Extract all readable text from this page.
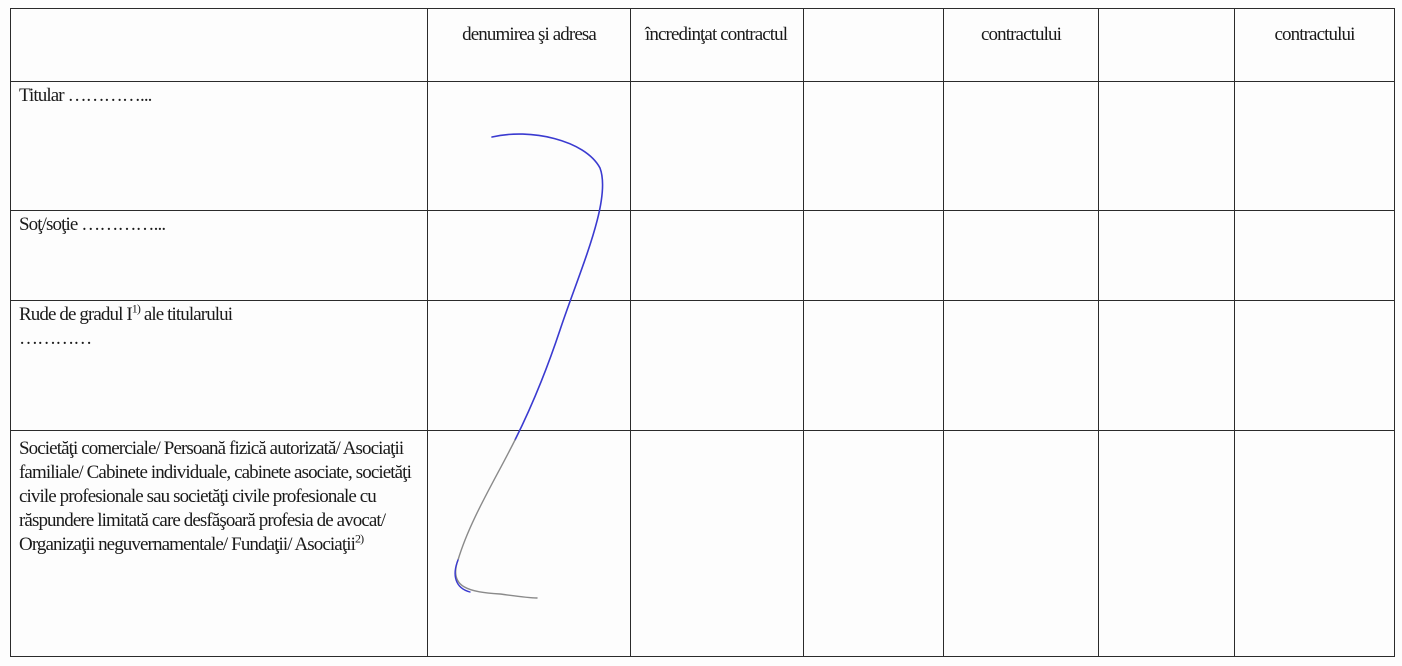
	denumirea şi adresa	încredinţat contractul		contractului		contractului

Titular …………...						

Soţ/soţie …………...						

Rude de gradul $I^{1)}$ ale titularului
…………						

Societăţi comerciale/ Persoană fizică autorizată/ Asociaţii familiale/ Cabinete individuale, cabinete asociate, societăţi civile profesionale sau societăţi civile profesionale cu răspundere limitată care desfăşoară profesia de avocat/ Organizaţii neguvernamentale/ Fundaţii/ Asociaţii$^{2)}$						
